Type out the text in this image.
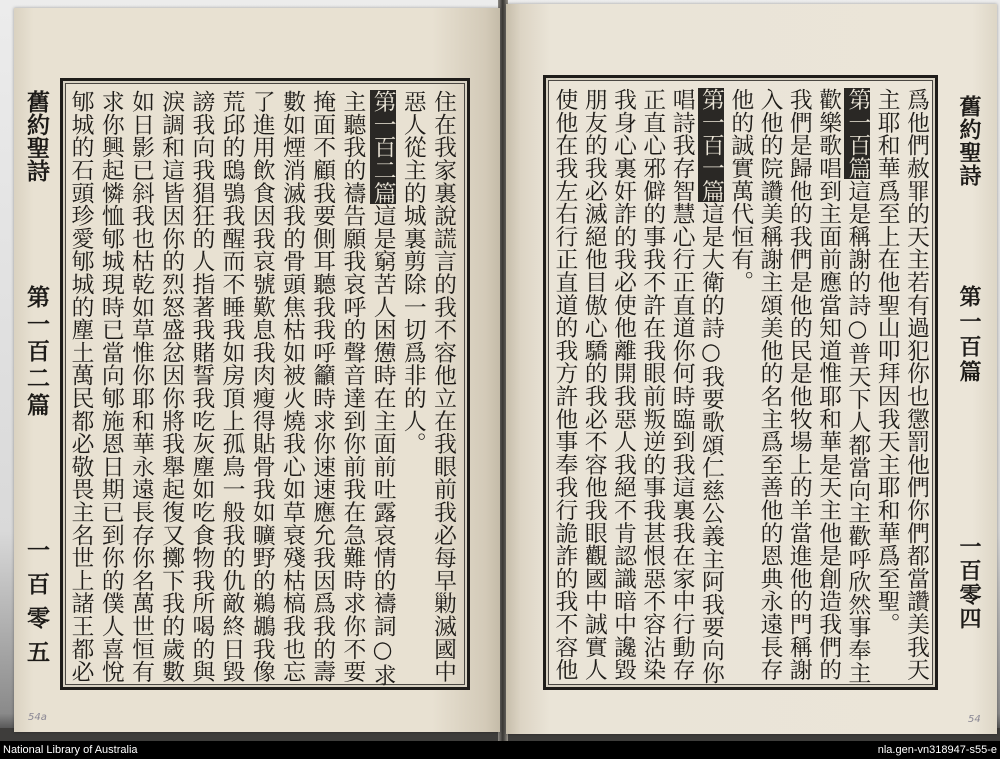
舊約聖詩
第一百二篇
一百零五	住在我家裏說謊言的我不容他立在我眼前我必每早勦滅國中
惡人從主的城裏剪除一切爲非的人。
第一百二篇這是窮苦人困憊時在主面前吐露哀情的禱詞○求
主聽我的禱告願我哀呼的聲音達到你前我在急難時求你不要
掩面不顧我要側耳聽我我呼籲時求你速速應允我因爲我的壽
數如煙消滅我的骨頭焦枯如被火燒我心如草衰殘枯槁我也忘
了進用飲食因我哀號歎息我肉瘦得貼骨我如曠野的鵜鶘我像
荒邱的鴟鴞我醒而不睡我如房頂上孤鳥一般我的仇敵終日毀
謗我向我猖狂的人指著我賭誓我吃灰塵如吃食物我所喝的與
淚調和這皆因你的烈怒盛忿因你將我舉起復又擲下我的歲數
如日影已斜我也枯乾如草惟你耶和華永遠長存你名萬世恒有
求你興起憐恤郇城現時已當向郇施恩日期已到你的僕人喜悅
郇城的石頭珍愛郇城的塵土萬民都必敬畏主名世上諸王都必
54a
舊約聖詩
第一百篇
一百零四
爲他們赦罪的天主若有過犯你也懲罰他們你們都當讚美我天
主耶和華爲至上在他聖山叩拜因我天主耶和華爲至聖。
第一百篇這是稱謝的詩○普天下人都當向主歡呼欣然事奉主
歡樂歌唱到主面前應當知道惟耶和華是天主他是創造我們的
我們是歸他的我們是他的民是他牧場上的羊當進他的門稱謝
入他的院讚美稱謝主頌美他的名主爲至善他的恩典永遠長存
他的誠實萬代恒有。
第一百一篇這是大衛的詩○我要歌頌仁慈公義主阿我要向你
唱詩我存智慧心行正直道你何時臨到我這裏我在家中行動存
正直心邪僻的事我不許在我眼前叛逆的事我甚恨惡不容沾染
我身心裏奸詐的我必使他離開我惡人我絕不肯認識暗中讒毀
朋友的我必滅絕他目傲心驕的我必不容他我眼觀國中誠實人
使他在我左右行正直道的我方許他事奉我行詭詐的我不容他
54
National Library of Australia	nla.gen-vn318947-s55-e
